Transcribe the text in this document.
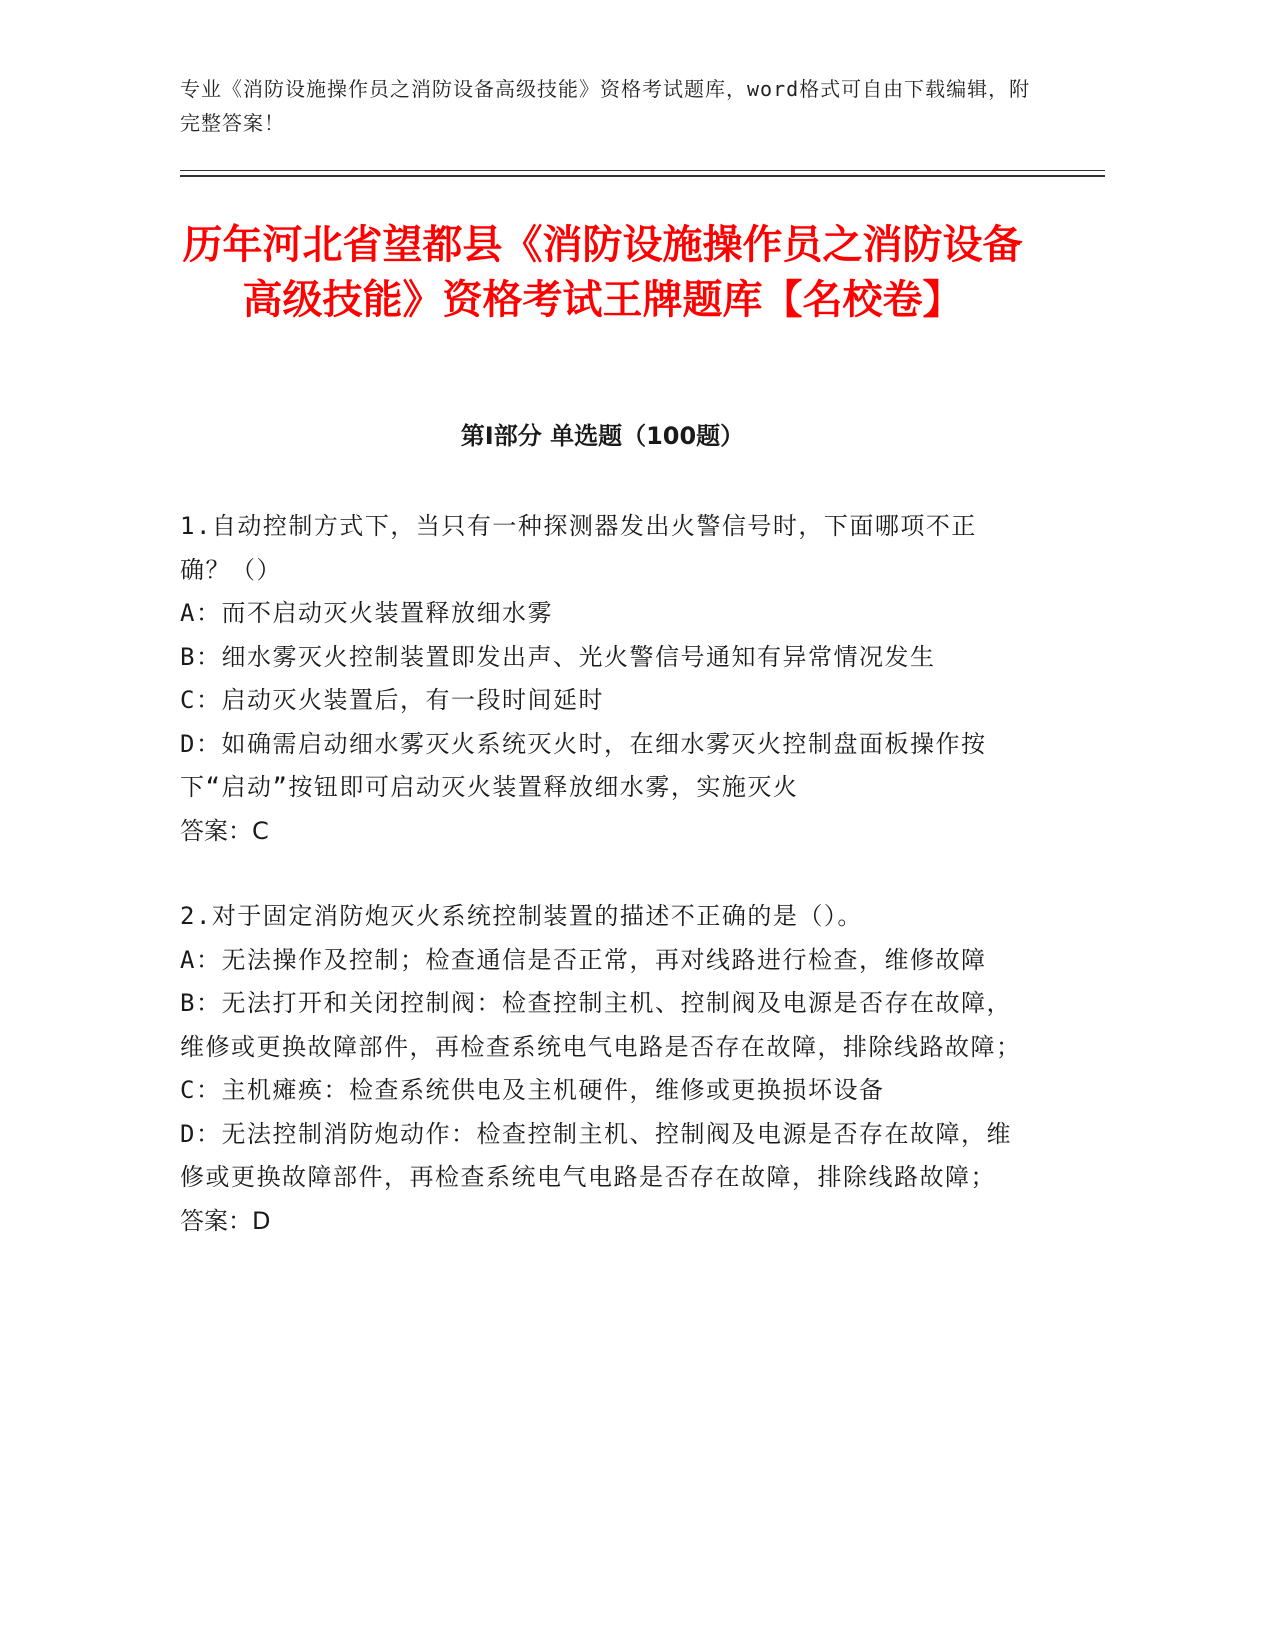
专业《消防设施操作员之消防设备高级技能》资格考试题库，word格式可自由下载编辑，附完整答案！

历年河北省望都县《消防设施操作员之消防设备高级技能》资格考试王牌题库【名校卷】
第Ⅰ部分 单选题（100题）

1.自动控制方式下，当只有一种探测器发出火警信号时，下面哪项不正确？（）

A：而不启动灭火装置释放细水雾

B：细水雾灭火控制装置即发出声、光火警信号通知有异常情况发生

C：启动灭火装置后，有一段时间延时

D：如确需启动细水雾灭火系统灭火时，在细水雾灭火控制盘面板操作按下“启动”按钮即可启动灭火装置释放细水雾，实施灭火

答案：C

2.对于固定消防炮灭火系统控制装置的描述不正确的是（）。

A：无法操作及控制；检查通信是否正常，再对线路进行检查，维修故障

B：无法打开和关闭控制阀：检查控制主机、控制阀及电源是否存在故障，维修或更换故障部件，再检查系统电气电路是否存在故障，排除线路故障；

C：主机瘫痪：检查系统供电及主机硬件，维修或更换损坏设备

D：无法控制消防炮动作：检查控制主机、控制阀及电源是否存在故障，维修或更换故障部件，再检查系统电气电路是否存在故障，排除线路故障；

答案：D
